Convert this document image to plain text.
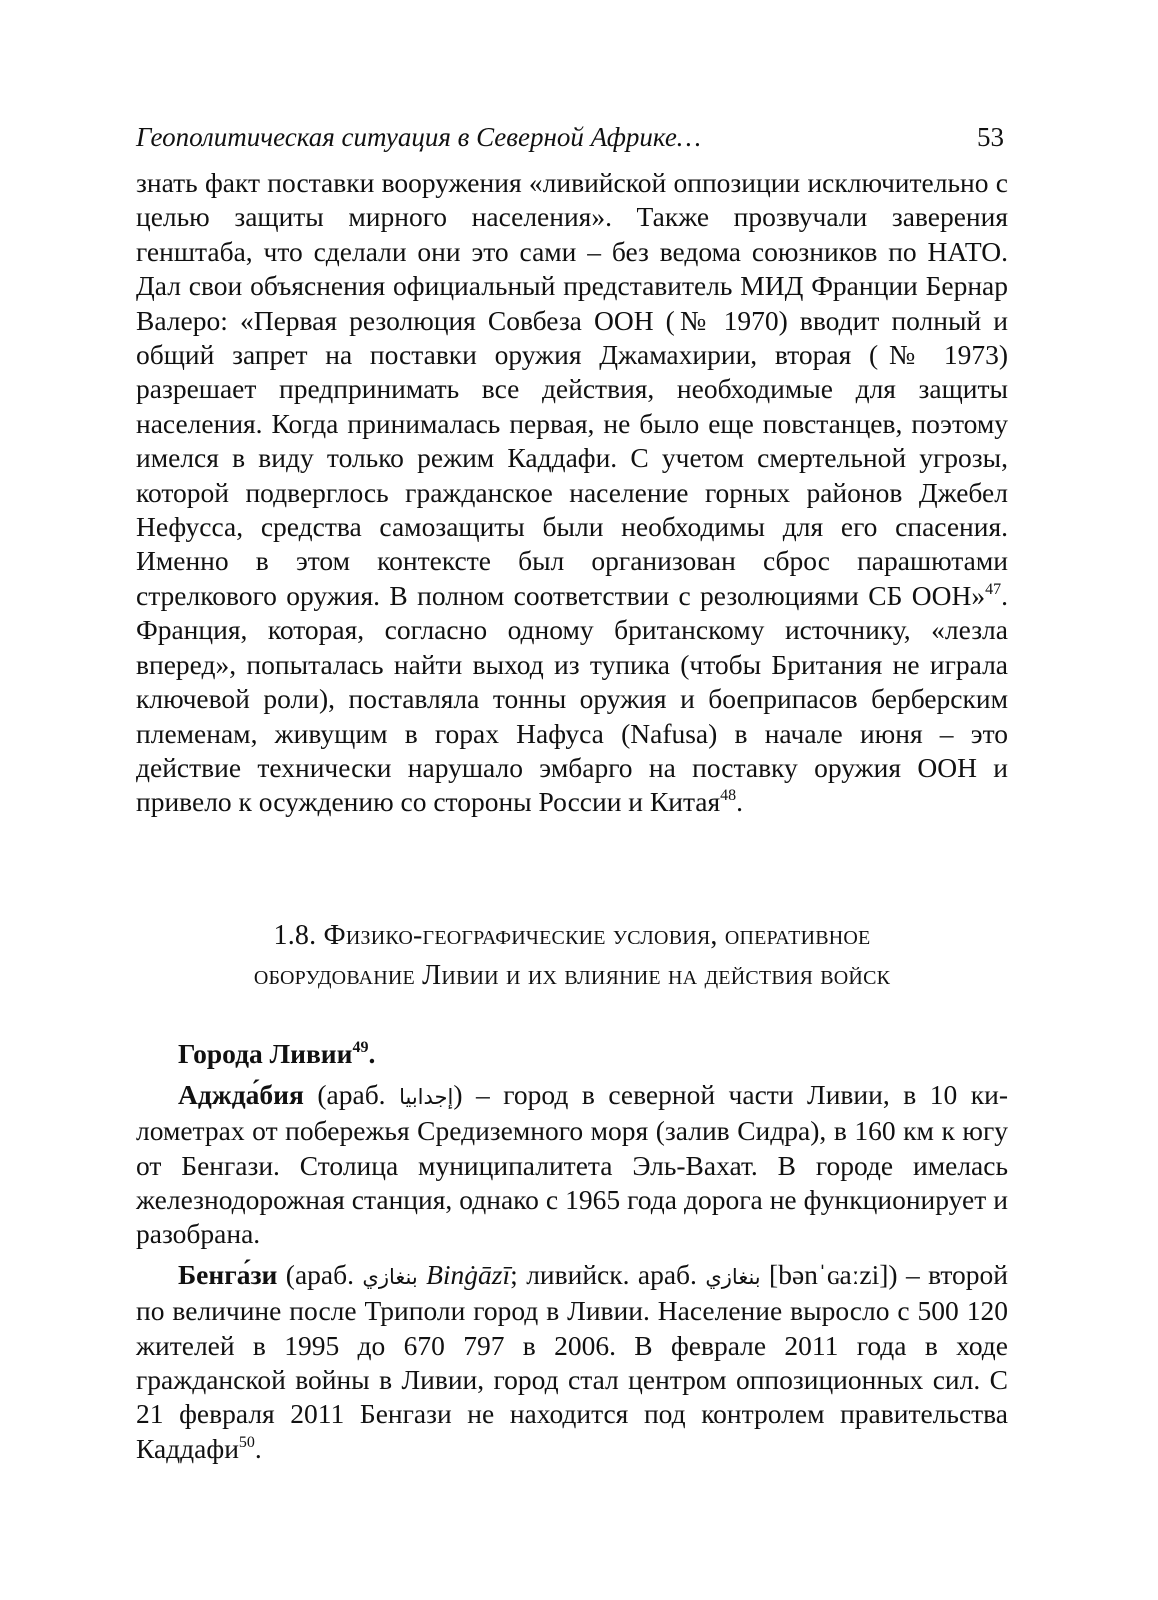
Геополитическая ситуация в Северной Африке…	53

знать факт поставки вооружения «ливийской оппозиции исключительно с целью защиты мирного населения». Также прозвучали заверения генштаба, что сделали они это сами – без ведома союзников по НАТО. Дал свои объяснения официальный представитель МИД Франции Бернар Валеро: «Первая резолюция Совбеза ООН (№ 1970) вводит полный и общий запрет на поставки оружия Джамахирии, вторая (№ 1973) разрешает предпринимать все действия, необходимые для защиты населения. Когда принималась первая, не было еще повстанцев, поэтому имелся в виду только режим Каддафи. С учетом смертельной угрозы, которой подверглось гражданское население горных районов Джебел Нефусса, средства самозащиты были необходимы для его спасения. Именно в этом контексте был организован сброс парашютами стрелкового оружия. В полном соответствии с резолюциями СБ ООН»$^{47}$. Франция, которая, согласно одному британскому источнику, «лезла вперед», попыталась найти выход из тупика (чтобы Британия не играла ключевой роли), поставляла тонны оружия и боеприпасов берберским племенам, живущим в горах Нафуса (Nafusa) в начале июня – это действие технически нарушало эмбарго на поставку оружия ООН и привело к осуждению со стороны России и Китая$^{48}$.

1.8. Физико-географические условия, оперативное
оборудование Ливии и их влияние на действия войск
Города Ливии$^{49}$.

Аджда́бия (араб. إجدابيا) – город в северной части Ливии, в 10 километрах от побережья Средиземного моря (залив Сидра), в 160 км к югу от Бенгази. Столица муниципалитета Эль-Вахат. В городе имелась железнодорожная станция, однако с 1965 года дорога не функционирует и разобрана.

Бенга́зи (араб. بنغازي Binġāzī; ливийск. араб. بنغازي [bənˈɢaːzi]) – второй по величине после Триполи город в Ливии. Население выросло с 500 120 жителей в 1995 до 670 797 в 2006. В феврале 2011 года в ходе гражданской войны в Ливии, город стал центром оппозиционных сил. С 21 февраля 2011 Бенгази не находится под контролем правительства Каддафи$^{50}$.
